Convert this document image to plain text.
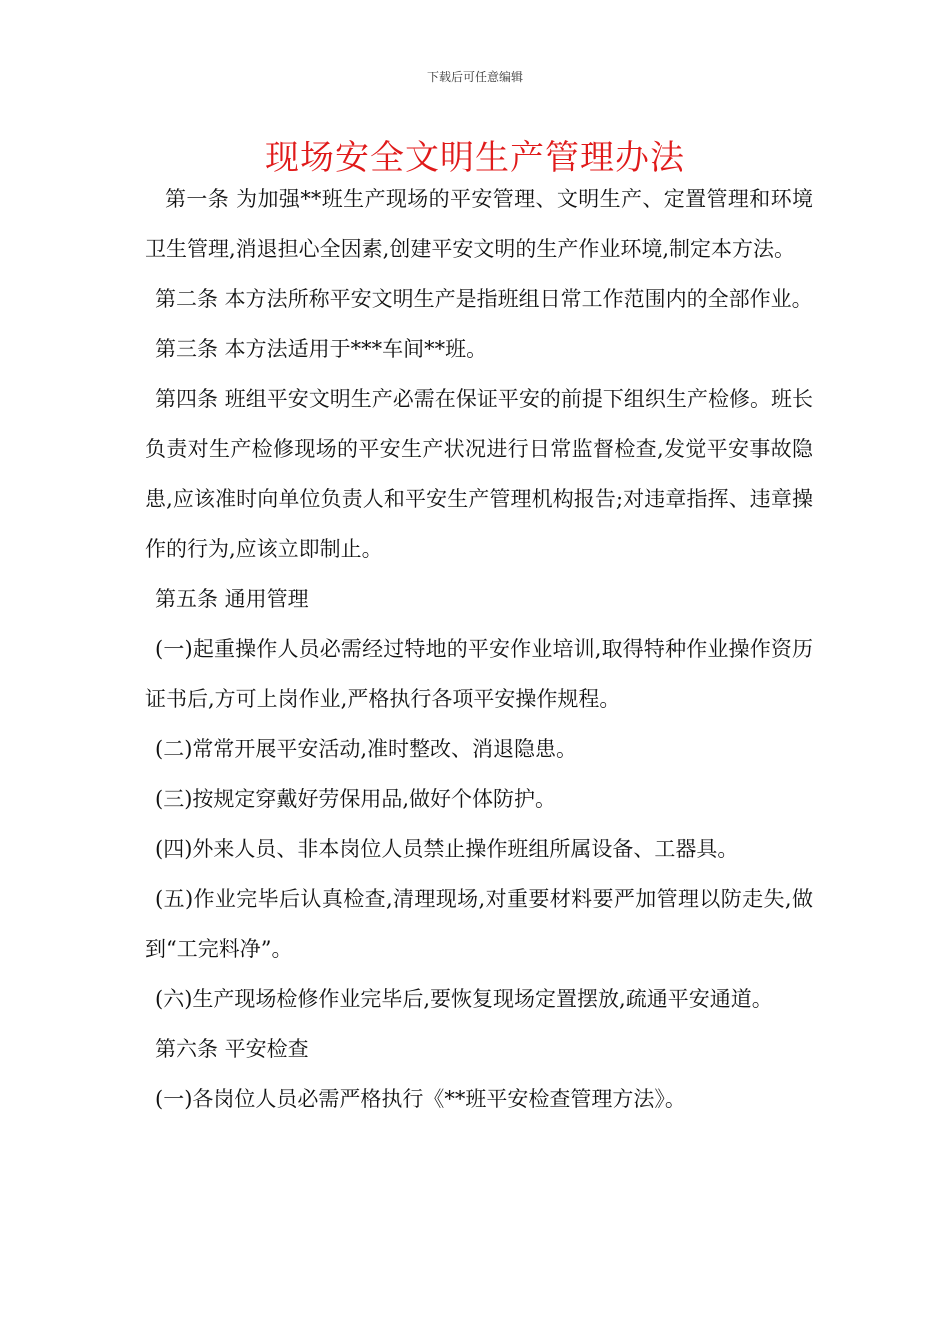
下载后可任意编辑
现场安全文明生产管理办法

第一条 为加强**班生产现场的平安管理、文明生产、定置管理和环境卫生管理,消退担心全因素,创建平安文明的生产作业环境,制定本方法。

第二条 本方法所称平安文明生产是指班组日常工作范围内的全部作业。

第三条 本方法适用于***车间**班。

第四条 班组平安文明生产必需在保证平安的前提下组织生产检修。班长负责对生产检修现场的平安生产状况进行日常监督检查,发觉平安事故隐患,应该准时向单位负责人和平安生产管理机构报告;对违章指挥、违章操作的行为,应该立即制止。

第五条 通用管理

(一)起重操作人员必需经过特地的平安作业培训,取得特种作业操作资历证书后,方可上岗作业,严格执行各项平安操作规程。

(二)常常开展平安活动,准时整改、消退隐患。

(三)按规定穿戴好劳保用品,做好个体防护。

(四)外来人员、非本岗位人员禁止操作班组所属设备、工器具。

(五)作业完毕后认真检查,清理现场,对重要材料要严加管理以防走失,做到“工完料净”。

(六)生产现场检修作业完毕后,要恢复现场定置摆放,疏通平安通道。

第六条 平安检查

(一)各岗位人员必需严格执行《**班平安检查管理方法》。
